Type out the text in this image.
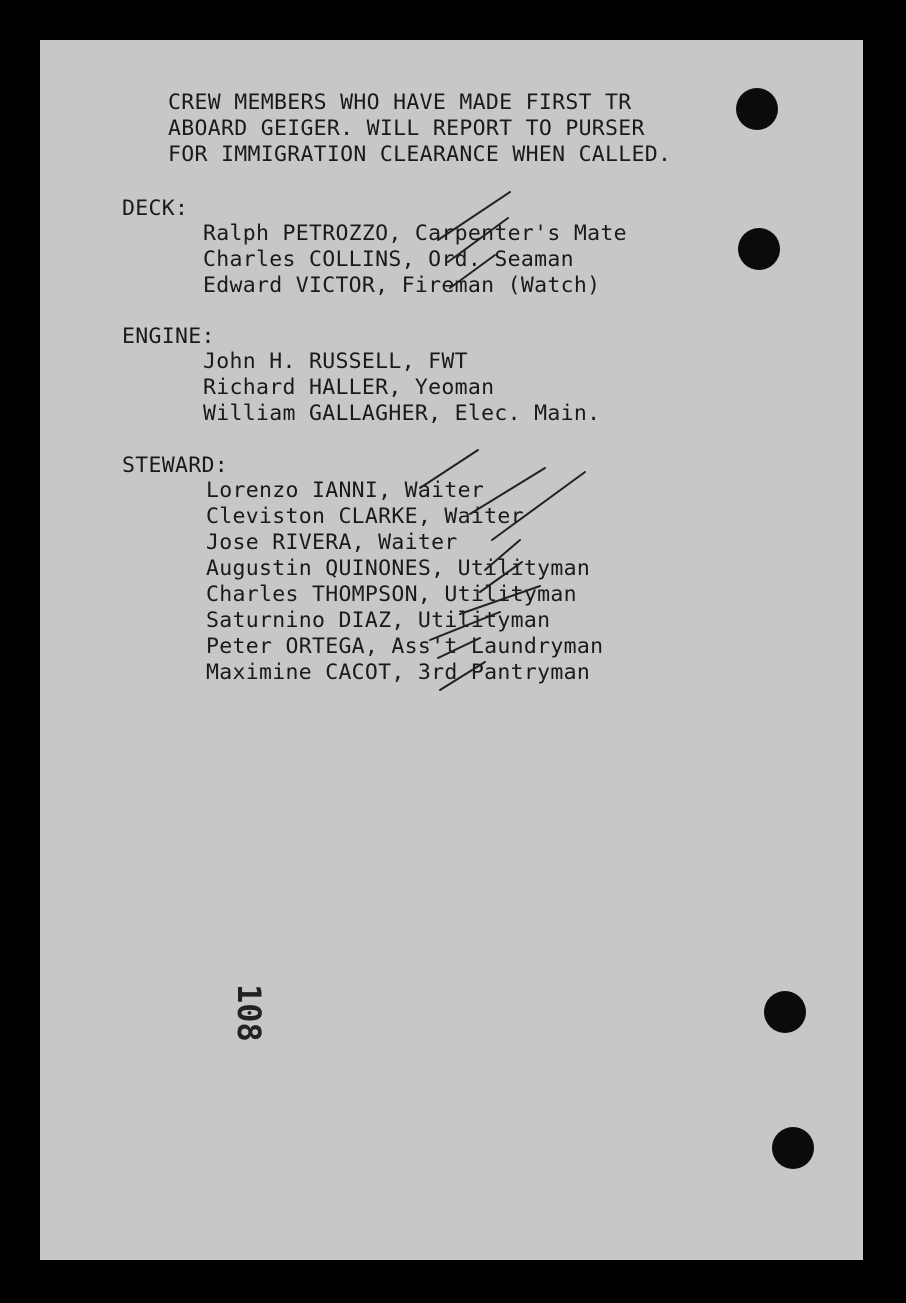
CREW MEMBERS WHO HAVE MADE FIRST TR
ABOARD GEIGER. WILL REPORT TO PURSER
FOR IMMIGRATION CLEARANCE WHEN CALLED.
DECK:
Ralph PETROZZO, Carpenter's Mate
Charles COLLINS, Ord. Seaman
Edward VICTOR, Fireman (Watch)
ENGINE:
John H. RUSSELL, FWT
Richard HALLER, Yeoman
William GALLAGHER, Elec. Main.
STEWARD:
Lorenzo IANNI, Waiter
Cleviston CLARKE, Waiter
Jose RIVERA, Waiter
Augustin QUINONES, Utilityman
Charles THOMPSON, Utilityman
Saturnino DIAZ, Utilityman
Peter ORTEGA, Ass't Laundryman
Maximine CACOT, 3rd Pantryman
108
